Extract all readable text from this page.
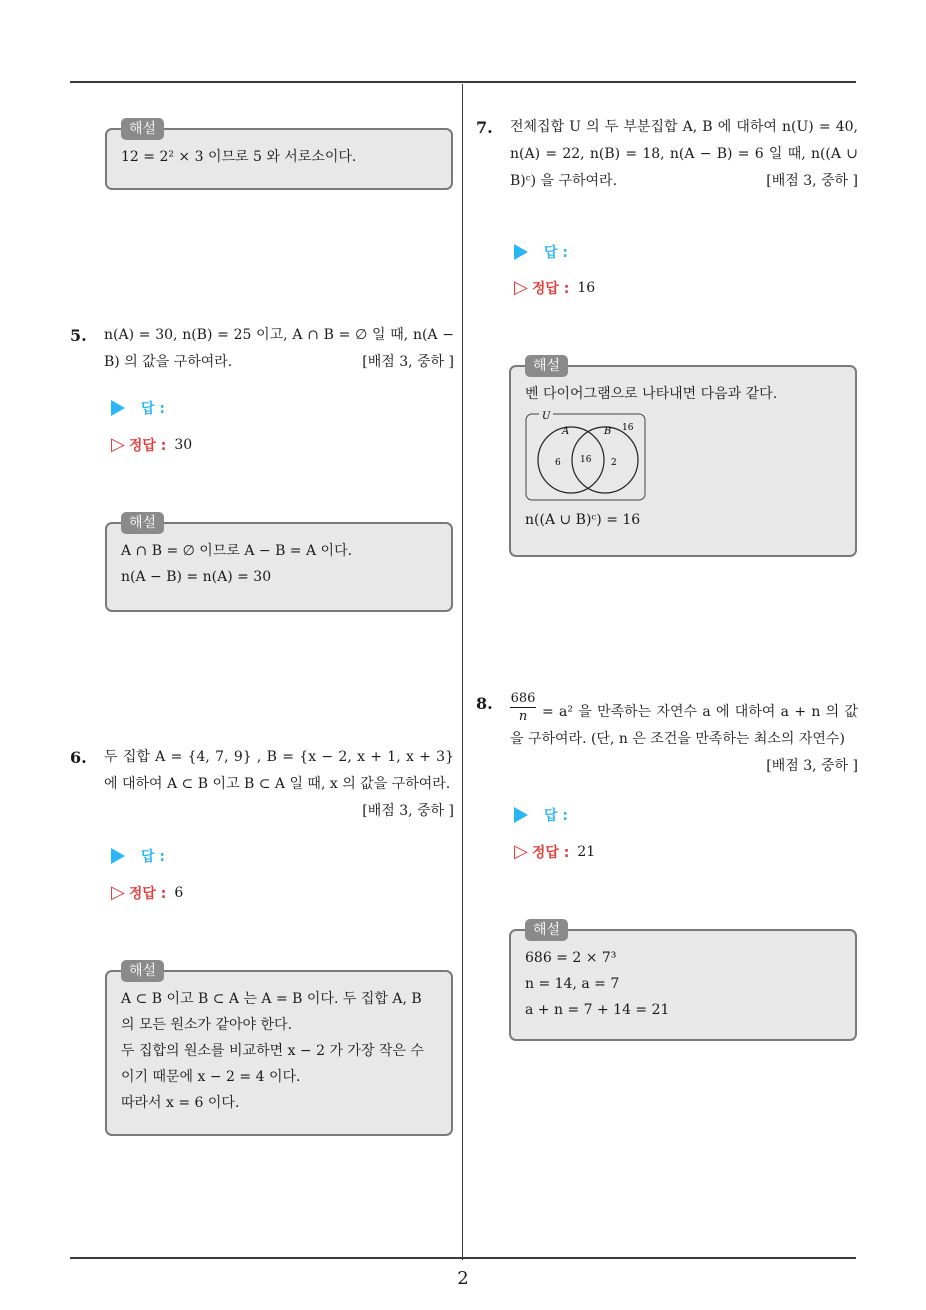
2
해설
12 = 2² × 3 이므로 5 와 서로소이다.
5. n(A) = 30, n(B) = 25 이고, A ∩ B = ∅ 일 때, n(A − B) 의 값을 구하여라.	[배점 3, 중하 ]
답 :
▷ 정답 : 30
해설
A ∩ B = ∅ 이므로 A − B = A 이다.
n(A − B) = n(A) = 30
6. 두 집합 A = {4, 7, 9} , B = {x − 2, x + 1, x + 3} 에 대하여 A ⊂ B 이고 B ⊂ A 일 때, x 의 값을 구하여라.
[배점 3, 중하 ]
답 :
▷ 정답 : 6
해설
A ⊂ B 이고 B ⊂ A 는 A = B 이다. 두 집합 A, B
의 모든 원소가 같아야 한다.
두 집합의 원소를 비교하면 x − 2 가 가장 작은 수
이기 때문에 x − 2 = 4 이다.
따라서 x = 6 이다.
7. 전체집합 U 의 두 부분집합 A, B 에 대하여 n(U) = 40, n(A) = 22, n(B) = 18, n(A − B) = 6 일 때, n((A ∪ B)ᶜ) 을 구하여라.	[배점 3, 중하 ]
답 :
▷ 정답 : 16
해설
벤 다이어그램으로 나타내면 다음과 같다.
U
A	B
6 16 2
16
n((A ∪ B)ᶜ) = 16
8. $\frac{686}{n} = a^2$ 을 만족하는 자연수 a 에 대하여 a + n 의 값을 구하여라. (단, n 은 조건을 만족하는 최소의 자연수)
[배점 3, 중하 ]
답 :
▷ 정답 : 21
해설
686 = 2 × 7³
n = 14, a = 7
a + n = 7 + 14 = 21
